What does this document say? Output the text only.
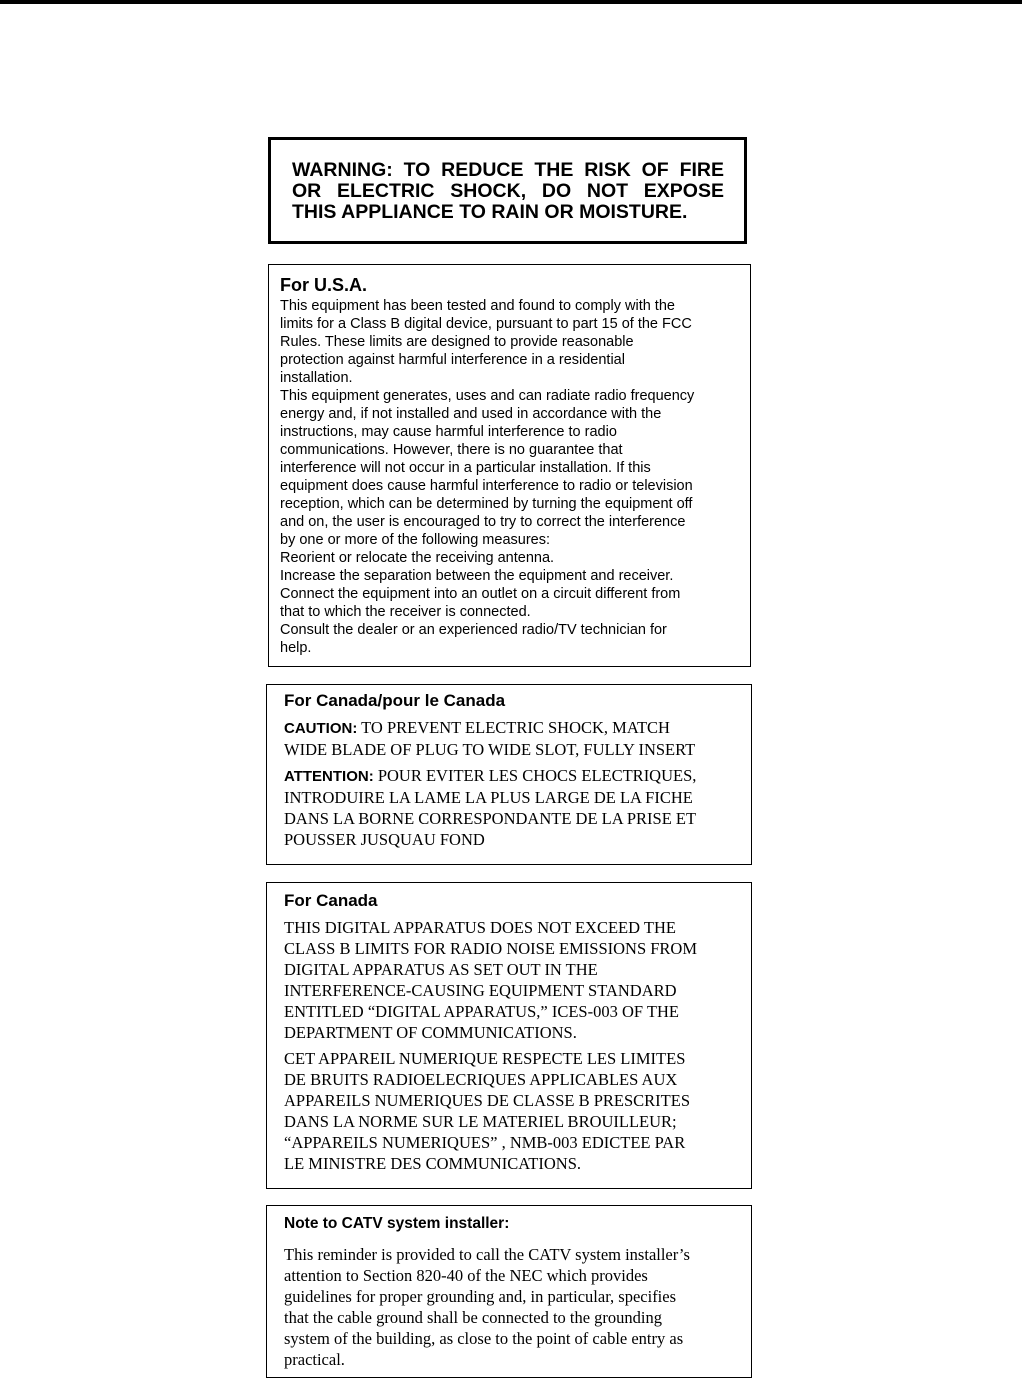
WARNING: TO REDUCE THE RISK OF FIRE

OR ELECTRIC SHOCK, DO NOT EXPOSE

THIS APPLIANCE TO RAIN OR MOISTURE.

For U.S.A.

This equipment has been tested and found to comply with the

limits for a Class B digital device, pursuant to part 15 of the FCC

Rules. These limits are designed to provide reasonable

protection against harmful interference in a residential

installation.

This equipment generates, uses and can radiate radio frequency

energy and, if not installed and used in accordance with the

instructions, may cause harmful interference to radio

communications. However, there is no guarantee that

interference will not occur in a particular installation. If this

equipment does cause harmful interference to radio or television

reception, which can be determined by turning the equipment off

and on, the user is encouraged to try to correct the interference

by one or more of the following measures:

Reorient or relocate the receiving antenna.

Increase the separation between the equipment and receiver.

Connect the equipment into an outlet on a circuit different from

that to which the receiver is connected.

Consult the dealer or an experienced radio/TV technician for

help.

For Canada/pour le Canada

CAUTION: TO PREVENT ELECTRIC SHOCK, MATCH

WIDE BLADE OF PLUG TO WIDE SLOT, FULLY INSERT

ATTENTION: POUR EVITER LES CHOCS ELECTRIQUES,

INTRODUIRE LA LAME LA PLUS LARGE DE LA FICHE

DANS LA BORNE CORRESPONDANTE DE LA PRISE ET

POUSSER JUSQUAU FOND

For Canada

THIS DIGITAL APPARATUS DOES NOT EXCEED THE

CLASS B LIMITS FOR RADIO NOISE EMISSIONS FROM

DIGITAL APPARATUS AS SET OUT IN THE

INTERFERENCE-CAUSING EQUIPMENT STANDARD

ENTITLED “DIGITAL APPARATUS,” ICES-003 OF THE

DEPARTMENT OF COMMUNICATIONS.

CET APPAREIL NUMERIQUE RESPECTE LES LIMITES

DE BRUITS RADIOELECRIQUES APPLICABLES AUX

APPAREILS NUMERIQUES DE CLASSE B PRESCRITES

DANS LA NORME SUR LE MATERIEL BROUILLEUR;

“APPAREILS NUMERIQUES” , NMB-003 EDICTEE PAR

LE MINISTRE DES COMMUNICATIONS.

Note to CATV system installer:

This reminder is provided to call the CATV system installer’s

attention to Section 820-40 of the NEC which provides

guidelines for proper grounding and, in particular, specifies

that the cable ground shall be connected to the grounding

system of the building, as close to the point of cable entry as

practical.
